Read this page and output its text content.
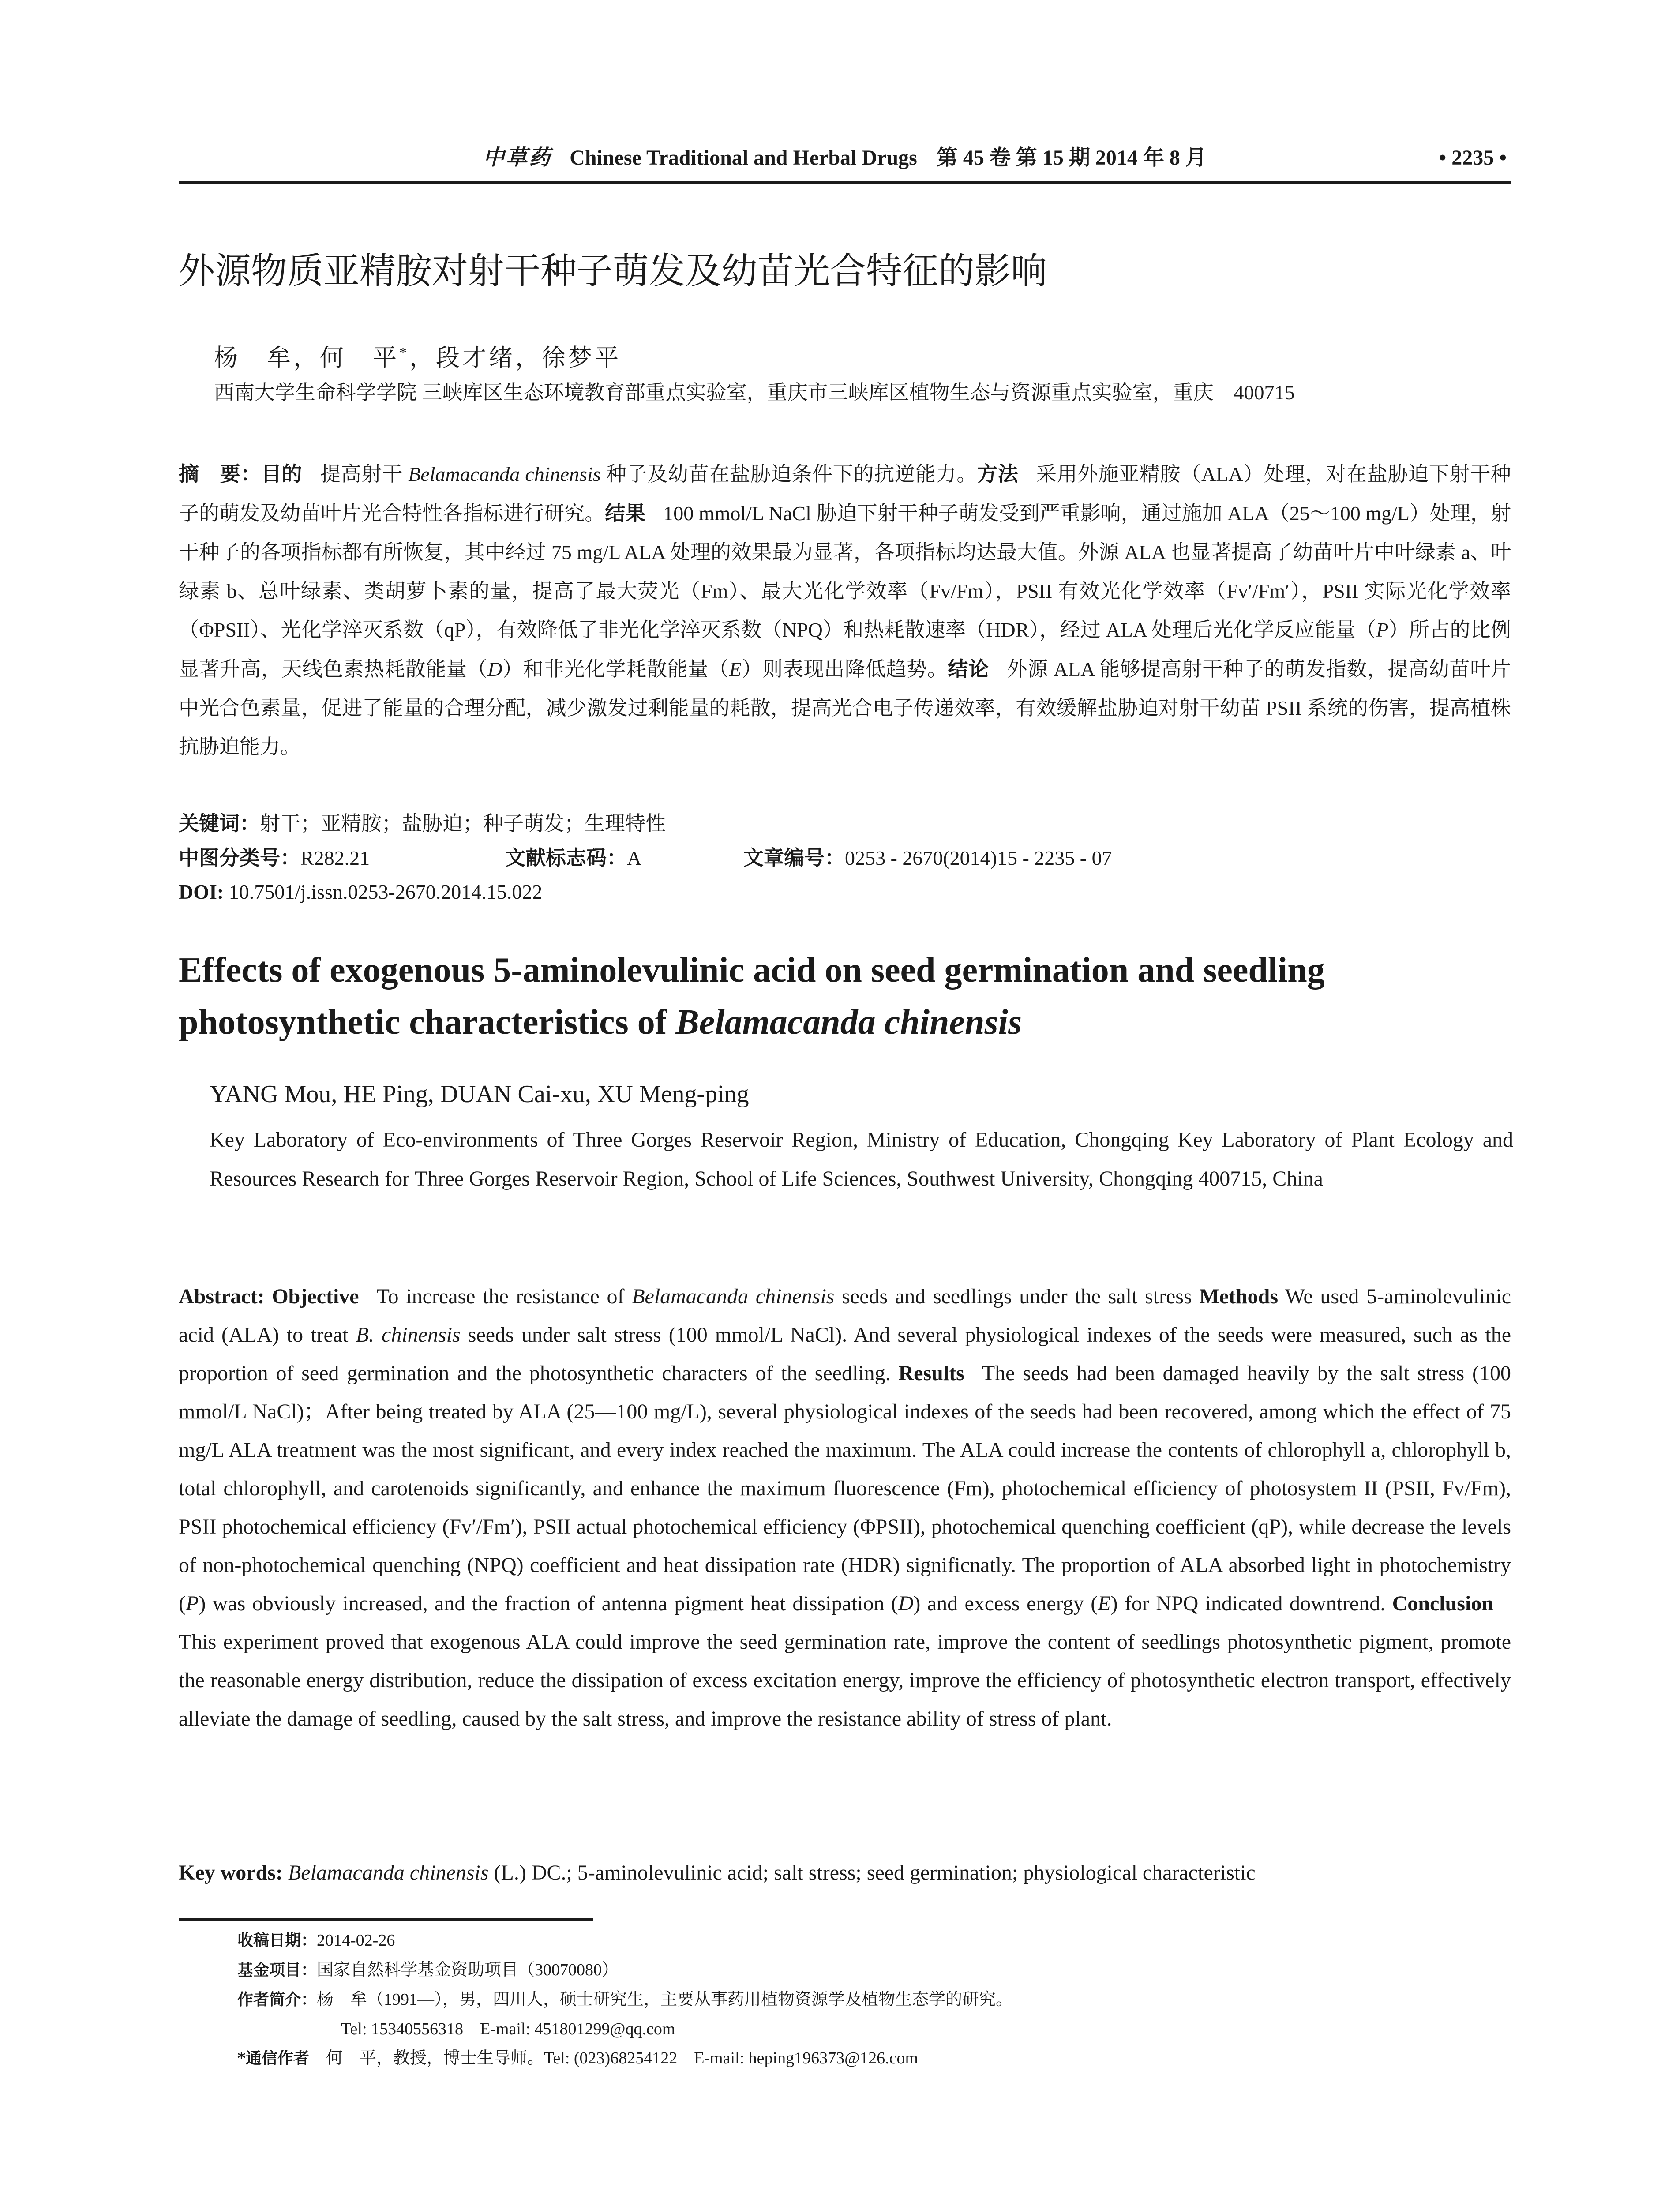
中草药 Chinese Traditional and Herbal Drugs 第 45 卷 第 15 期 2014 年 8 月	• 2235 •
外源物质亚精胺对射干种子萌发及幼苗光合特征的影响
杨　牟，何　平*，段才绪，徐梦平
西南大学生命科学学院 三峡库区生态环境教育部重点实验室，重庆市三峡库区植物生态与资源重点实验室，重庆　400715
摘　要：目的 提高射干 Belamacanda chinensis 种子及幼苗在盐胁迫条件下的抗逆能力。方法 采用外施亚精胺（ALA）处理，对在盐胁迫下射干种子的萌发及幼苗叶片光合特性各指标进行研究。结果 100 mmol/L NaCl 胁迫下射干种子萌发受到严重影响，通过施加 ALA（25～100 mg/L）处理，射干种子的各项指标都有所恢复，其中经过 75 mg/L ALA 处理的效果最为显著，各项指标均达最大值。外源 ALA 也显著提高了幼苗叶片中叶绿素 a、叶绿素 b、总叶绿素、类胡萝卜素的量，提高了最大荧光（Fm）、最大光化学效率（Fv/Fm），PSII 有效光化学效率（Fv′/Fm′），PSII 实际光化学效率（ΦPSII）、光化学淬灭系数（qP），有效降低了非光化学淬灭系数（NPQ）和热耗散速率（HDR），经过 ALA 处理后光化学反应能量（P）所占的比例显著升高，天线色素热耗散能量（D）和非光化学耗散能量（E）则表现出降低趋势。结论 外源 ALA 能够提高射干种子的萌发指数，提高幼苗叶片中光合色素量，促进了能量的合理分配，减少激发过剩能量的耗散，提高光合电子传递效率，有效缓解盐胁迫对射干幼苗 PSII 系统的伤害，提高植株抗胁迫能力。
关键词：射干；亚精胺；盐胁迫；种子萌发；生理特性
中图分类号：R282.21	文献标志码：A	文章编号：0253 - 2670(2014)15 - 2235 - 07
DOI: 10.7501/j.issn.0253-2670.2014.15.022
Effects of exogenous 5-aminolevulinic acid on seed germination and seedling photosynthetic characteristics of Belamacanda chinensis
YANG Mou, HE Ping, DUAN Cai-xu, XU Meng-ping
Key Laboratory of Eco-environments of Three Gorges Reservoir Region, Ministry of Education, Chongqing Key Laboratory of Plant Ecology and Resources Research for Three Gorges Reservoir Region, School of Life Sciences, Southwest University, Chongqing 400715, China
Abstract: Objective To increase the resistance of Belamacanda chinensis seeds and seedlings under the salt stress Methods We used 5-aminolevulinic acid (ALA) to treat B. chinensis seeds under salt stress (100 mmol/L NaCl). And several physiological indexes of the seeds were measured, such as the proportion of seed germination and the photosynthetic characters of the seedling. Results The seeds had been damaged heavily by the salt stress (100 mmol/L NaCl)；After being treated by ALA (25—100 mg/L), several physiological indexes of the seeds had been recovered, among which the effect of 75 mg/L ALA treatment was the most significant, and every index reached the maximum. The ALA could increase the contents of chlorophyll a, chlorophyll b, total chlorophyll, and carotenoids significantly, and enhance the maximum fluorescence (Fm), photochemical efficiency of photosystem II (PSII, Fv/Fm), PSII photochemical efficiency (Fv′/Fm′), PSII actual photochemical efficiency (ΦPSII), photochemical quenching coefficient (qP), while decrease the levels of non-photochemical quenching (NPQ) coefficient and heat dissipation rate (HDR) significnatly. The proportion of ALA absorbed light in photochemistry (P) was obviously increased, and the fraction of antenna pigment heat dissipation (D) and excess energy (E) for NPQ indicated downtrend. ConclusionThis experiment proved that exogenous ALA could improve the seed germination rate, improve the content of seedlings photosynthetic pigment, promote the reasonable energy distribution, reduce the dissipation of excess excitation energy, improve the efficiency of photosynthetic electron transport, effectively alleviate the damage of seedling, caused by the salt stress, and improve the resistance ability of stress of plant.
Key words: Belamacanda chinensis (L.) DC.; 5-aminolevulinic acid; salt stress; seed germination; physiological characteristic
收稿日期：2014-02-26
基金项目：国家自然科学基金资助项目（30070080）
作者简介：杨　牟（1991—），男，四川人，硕士研究生，主要从事药用植物资源学及植物生态学的研究。
Tel: 15340556318　E-mail: 451801299@qq.com
*通信作者　 何　平，教授，博士生导师。Tel: (023)68254122　E-mail: heping196373@126.com
